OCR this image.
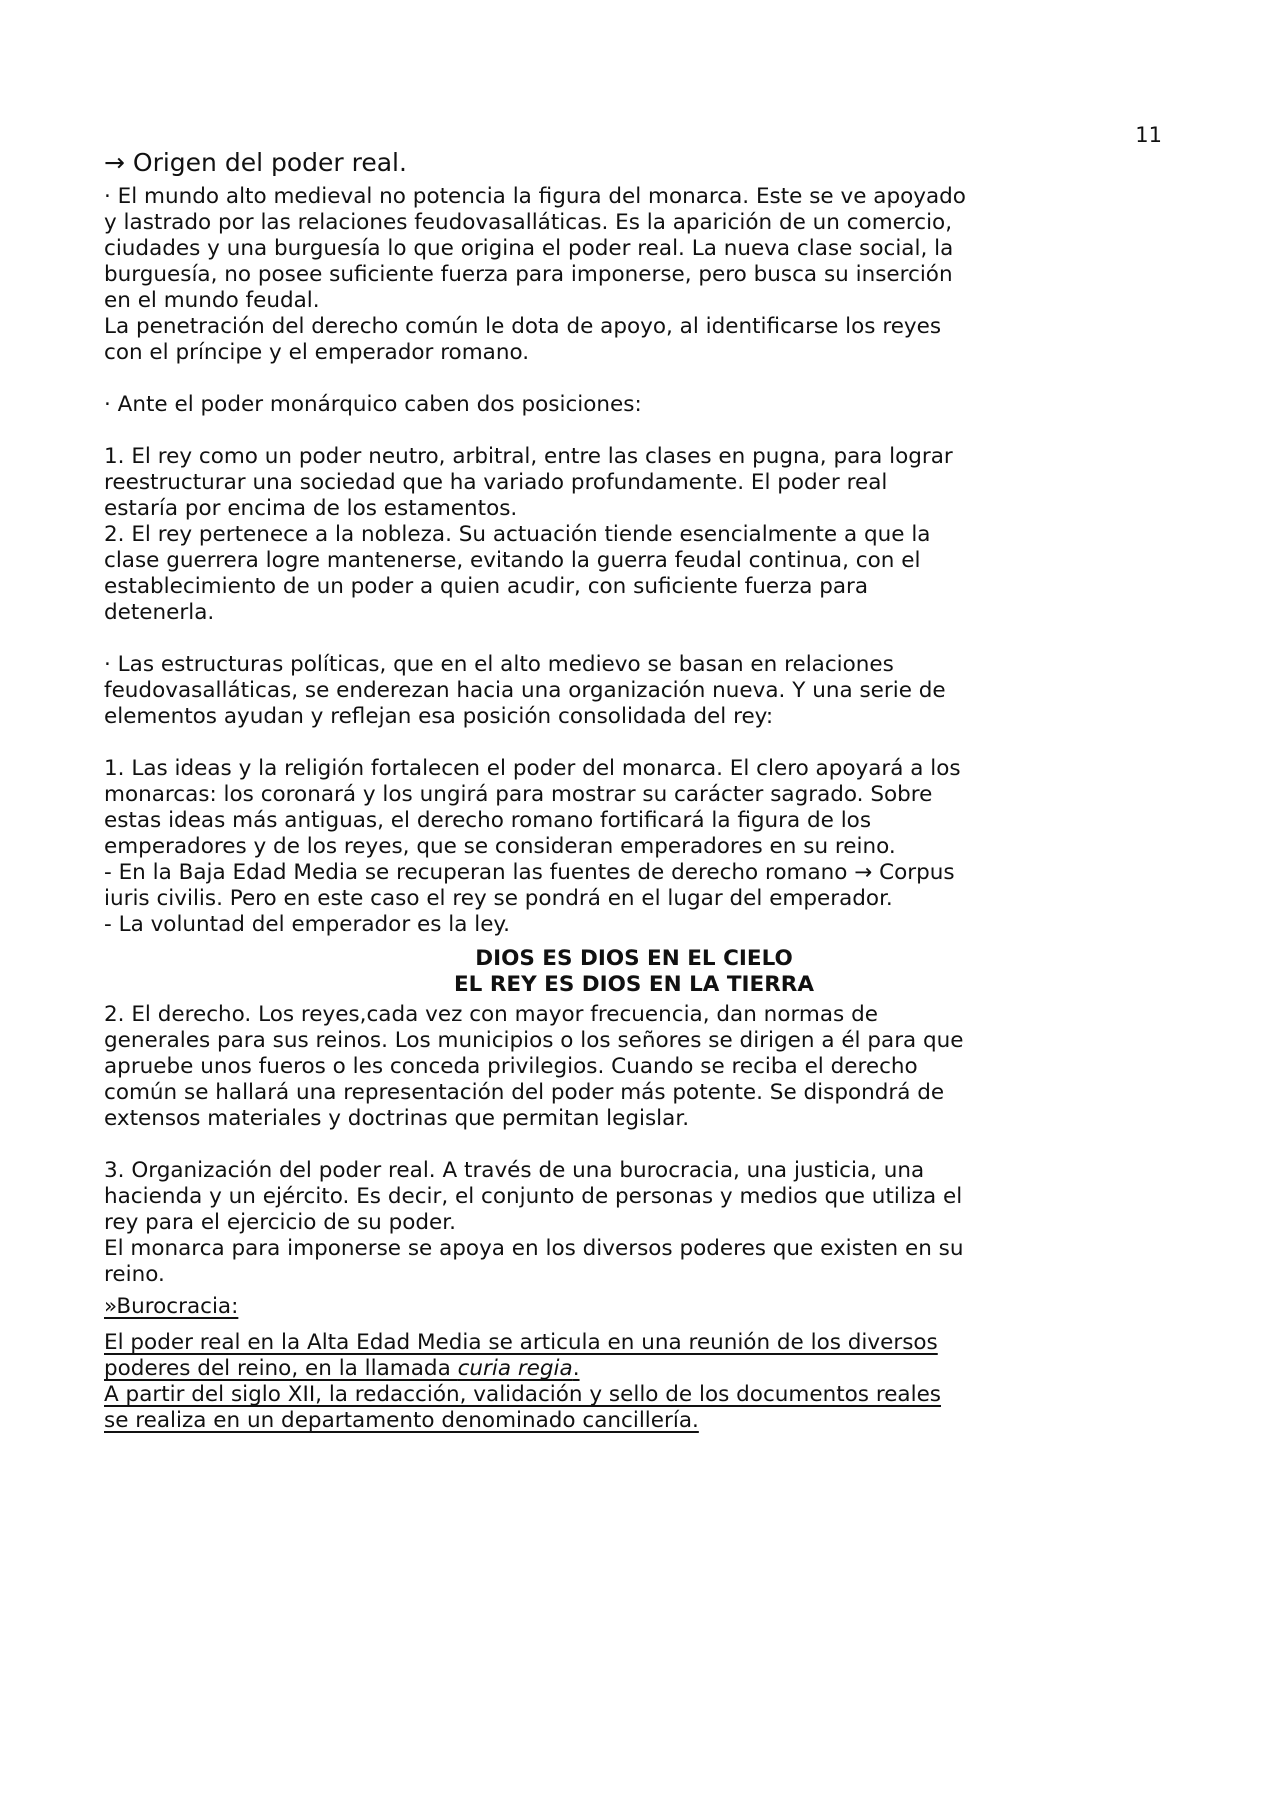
11
→ Origen del poder real.

· El mundo alto medieval no potencia la figura del monarca. Este se ve apoyado
y lastrado por las relaciones feudovasalláticas. Es la aparición de un comercio,
ciudades y una burguesía lo que origina el poder real. La nueva clase social, la
burguesía, no posee suficiente fuerza para imponerse, pero busca su inserción
en el mundo feudal.
La penetración del derecho común le dota de apoyo, al identificarse los reyes
con el príncipe y el emperador romano.

· Ante el poder monárquico caben dos posiciones:

1. El rey como un poder neutro, arbitral, entre las clases en pugna, para lograr
reestructurar una sociedad que ha variado profundamente. El poder real
estaría por encima de los estamentos.
2. El rey pertenece a la nobleza. Su actuación tiende esencialmente a que la
clase guerrera logre mantenerse, evitando la guerra feudal continua, con el
establecimiento de un poder a quien acudir, con suficiente fuerza para
detenerla.

· Las estructuras políticas, que en el alto medievo se basan en relaciones
feudovasalláticas, se enderezan hacia una organización nueva. Y una serie de
elementos ayudan y reflejan esa posición consolidada del rey:

1. Las ideas y la religión fortalecen el poder del monarca. El clero apoyará a los
monarcas: los coronará y los ungirá para mostrar su carácter sagrado. Sobre
estas ideas más antiguas, el derecho romano fortificará la figura de los
emperadores y de los reyes, que se consideran emperadores en su reino.
- En la Baja Edad Media se recuperan las fuentes de derecho romano → Corpus
iuris civilis. Pero en este caso el rey se pondrá en el lugar del emperador.
- La voluntad del emperador es la ley.

DIOS ES DIOS EN EL CIELO
EL REY ES DIOS EN LA TIERRA

2. El derecho. Los reyes,cada vez con mayor frecuencia, dan normas de
generales para sus reinos. Los municipios o los señores se dirigen a él para que
apruebe unos fueros o les conceda privilegios. Cuando se reciba el derecho
común se hallará una representación del poder más potente. Se dispondrá de
extensos materiales y doctrinas que permitan legislar.

3. Organización del poder real. A través de una burocracia, una justicia, una
hacienda y un ejército. Es decir, el conjunto de personas y medios que utiliza el
rey para el ejercicio de su poder.
El monarca para imponerse se apoya en los diversos poderes que existen en su
reino.

»Burocracia:

El poder real en la Alta Edad Media se articula en una reunión de los diversos

poderes del reino, en la llamada curia regia.

A partir del siglo XII, la redacción, validación y sello de los documentos reales

se realiza en un departamento denominado cancillería.
